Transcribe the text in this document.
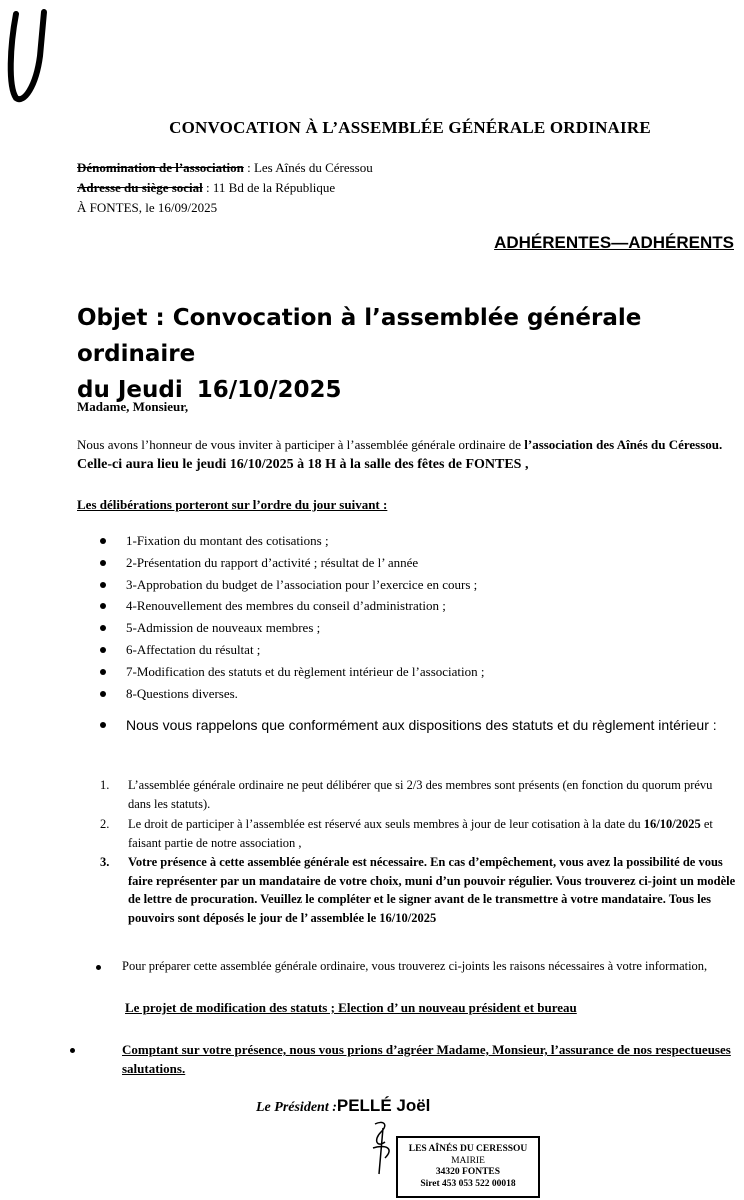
CONVOCATION À L’ASSEMBLÉE GÉNÉRALE ORDINAIRE
Dénomination de l’association : Les Aînés du Céressou
Adresse du siège social : 11 Bd de la République
À FONTES, le 16/09/2025
ADHÉRENTES—ADHÉRENTS
Objet : Convocation à l’assemblée générale ordinaire
du Jeudi 16/10/2025
Madame, Monsieur,
Nous avons l’honneur de vous inviter à participer à l’assemblée générale ordinaire de l’association des Aînés du Céressou. Celle-ci aura lieu le jeudi 16/10/2025 à 18 H à la salle des fêtes de FONTES ,
Les délibérations porteront sur l’ordre du jour suivant :
1-Fixation du montant des cotisations ;
2-Présentation du rapport d’activité ; résultat de l’ année
3-Approbation du budget de l’association pour l’exercice en cours ;
4-Renouvellement des membres du conseil d’administration ;
5-Admission de nouveaux membres ;
6-Affectation du résultat ;
7-Modification des statuts et du règlement intérieur de l’association ;
8-Questions diverses.
Nous vous rappelons que conformément aux dispositions des statuts et du règlement intérieur :
1. L’assemblée générale ordinaire ne peut délibérer que si 2/3 des membres sont présents (en fonction du quorum prévu dans les statuts).
2. Le droit de participer à l’assemblée est réservé aux seuls membres à jour de leur cotisation à la date du 16/10/2025 et faisant partie de notre association ,
3. Votre présence à cette assemblée générale est nécessaire. En cas d’empêchement, vous avez la possibilité de vous faire représenter par un mandataire de votre choix, muni d’un pouvoir régulier. Vous trouverez ci-joint un modèle de lettre de procuration. Veuillez le compléter et le signer avant de le transmettre à votre mandataire. Tous les pouvoirs sont déposés le jour de l’ assemblée le 16/10/2025
Pour préparer cette assemblée générale ordinaire, vous trouverez ci-joints les raisons nécessaires à votre information,
Le projet de modification des statuts ; Election d’ un nouveau président et bureau
Comptant sur votre présence, nous vous prions d’agréer Madame, Monsieur, l’assurance de nos respectueuses salutations.
Le Président :PELLÉ Joël
LES AÎNÉS DU CERESSOU
MAIRIE
34320 FONTES
Siret 453 053 522 00018
